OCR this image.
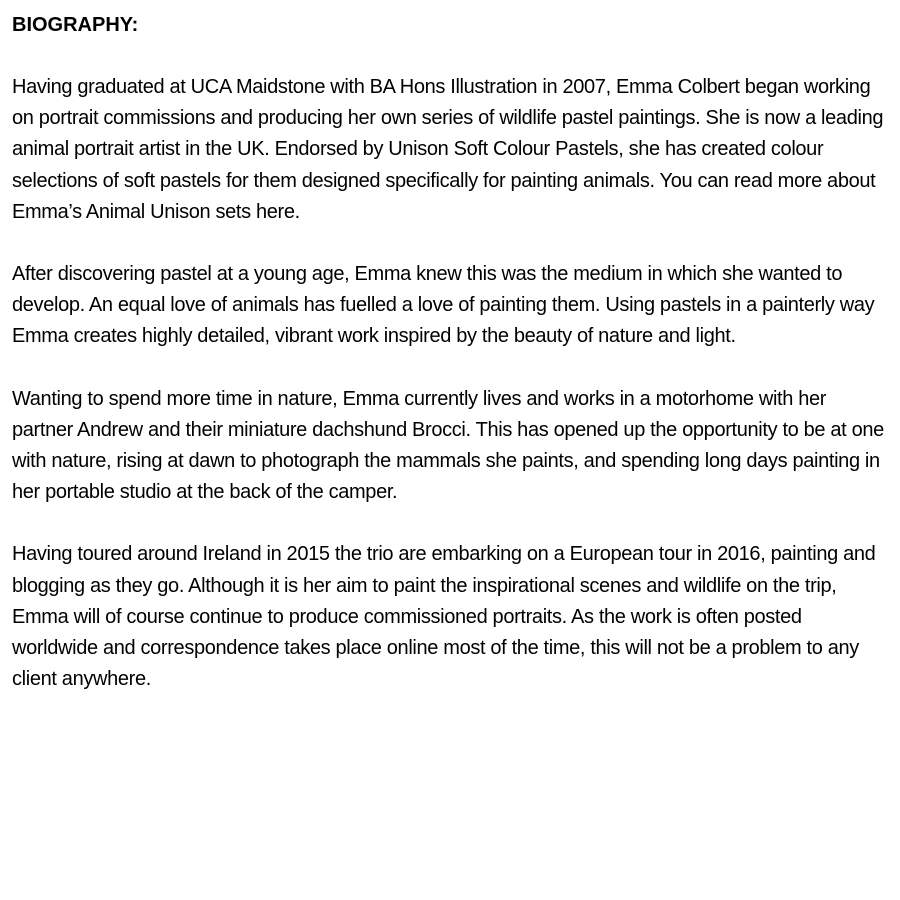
BIOGRAPHY:

Having graduated at UCA Maidstone with BA Hons Illustration in 2007, Emma Colbert began working on portrait commissions and producing her own series of wildlife pastel paintings. She is now a leading animal portrait artist in the UK. Endorsed by Unison Soft Colour Pastels, she has created colour selections of soft pastels for them designed specifically for painting animals. You can read more about Emma’s Animal Unison sets here.

After discovering pastel at a young age, Emma knew this was the medium in which she wanted to develop. An equal love of animals has fuelled a love of painting them. Using pastels in a painterly way Emma creates highly detailed, vibrant work inspired by the beauty of nature and light.

Wanting to spend more time in nature, Emma currently lives and works in a motorhome with her partner Andrew and their miniature dachshund Brocci. This has opened up the opportunity to be at one with nature, rising at dawn to photograph the mammals she paints, and spending long days painting in her portable studio at the back of the camper.

Having toured around Ireland in 2015 the trio are embarking on a European tour in 2016, painting and blogging as they go. Although it is her aim to paint the inspirational scenes and wildlife on the trip, Emma will of course continue to produce commissioned portraits. As the work is often posted worldwide and correspondence takes place online most of the time, this will not be a problem to any client anywhere.
